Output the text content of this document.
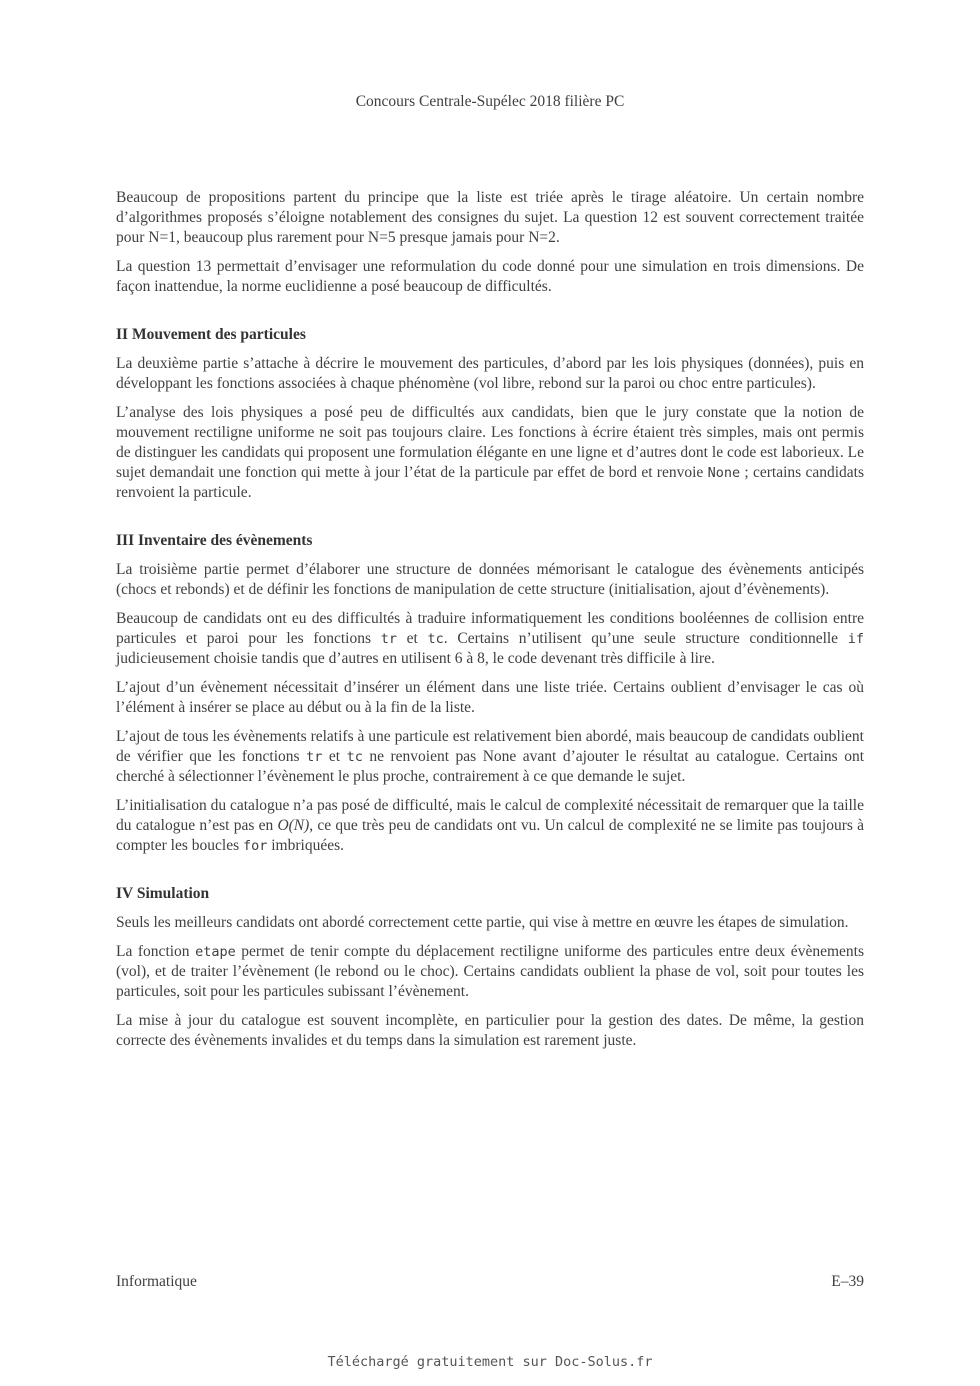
Concours Centrale-Supélec 2018 filière PC

Beaucoup de propositions partent du principe que la liste est triée après le tirage aléatoire. Un certain nombre d’algorithmes proposés s’éloigne notablement des consignes du sujet. La question 12 est souvent correctement traitée pour N=1, beaucoup plus rarement pour N=5 presque jamais pour N=2.

La question 13 permettait d’envisager une reformulation du code donné pour une simulation en trois dimensions. De façon inattendue, la norme euclidienne a posé beaucoup de difficultés.

II Mouvement des particules

La deuxième partie s’attache à décrire le mouvement des particules, d’abord par les lois physiques (données), puis en développant les fonctions associées à chaque phénomène (vol libre, rebond sur la paroi ou choc entre particules).

L’analyse des lois physiques a posé peu de difficultés aux candidats, bien que le jury constate que la notion de mouvement rectiligne uniforme ne soit pas toujours claire. Les fonctions à écrire étaient très simples, mais ont permis de distinguer les candidats qui proposent une formulation élégante en une ligne et d’autres dont le code est laborieux. Le sujet demandait une fonction qui mette à jour l’état de la particule par effet de bord et renvoie None ; certains candidats renvoient la particule.

III Inventaire des évènements

La troisième partie permet d’élaborer une structure de données mémorisant le catalogue des évènements anticipés (chocs et rebonds) et de définir les fonctions de manipulation de cette structure (initialisation, ajout d’évènements).

Beaucoup de candidats ont eu des difficultés à traduire informatiquement les conditions booléennes de collision entre particules et paroi pour les fonctions tr et tc. Certains n’utilisent qu’une seule structure conditionnelle if judicieusement choisie tandis que d’autres en utilisent 6 à 8, le code devenant très difficile à lire.

L’ajout d’un évènement nécessitait d’insérer un élément dans une liste triée. Certains oublient d’envisager le cas où l’élément à insérer se place au début ou à la fin de la liste.

L’ajout de tous les évènements relatifs à une particule est relativement bien abordé, mais beaucoup de candidats oublient de vérifier que les fonctions tr et tc ne renvoient pas None avant d’ajouter le résultat au catalogue. Certains ont cherché à sélectionner l’évènement le plus proche, contrairement à ce que demande le sujet.

L’initialisation du catalogue n’a pas posé de difficulté, mais le calcul de complexité nécessitait de remarquer que la taille du catalogue n’est pas en O(N), ce que très peu de candidats ont vu. Un calcul de complexité ne se limite pas toujours à compter les boucles for imbriquées.

IV Simulation

Seuls les meilleurs candidats ont abordé correctement cette partie, qui vise à mettre en œuvre les étapes de simulation.

La fonction etape permet de tenir compte du déplacement rectiligne uniforme des particules entre deux évènements (vol), et de traiter l’évènement (le rebond ou le choc). Certains candidats oublient la phase de vol, soit pour toutes les particules, soit pour les particules subissant l’évènement.

La mise à jour du catalogue est souvent incomplète, en particulier pour la gestion des dates. De même, la gestion correcte des évènements invalides et du temps dans la simulation est rarement juste.

Informatique	E–39
Téléchargé gratuitement sur Doc-Solus.fr
